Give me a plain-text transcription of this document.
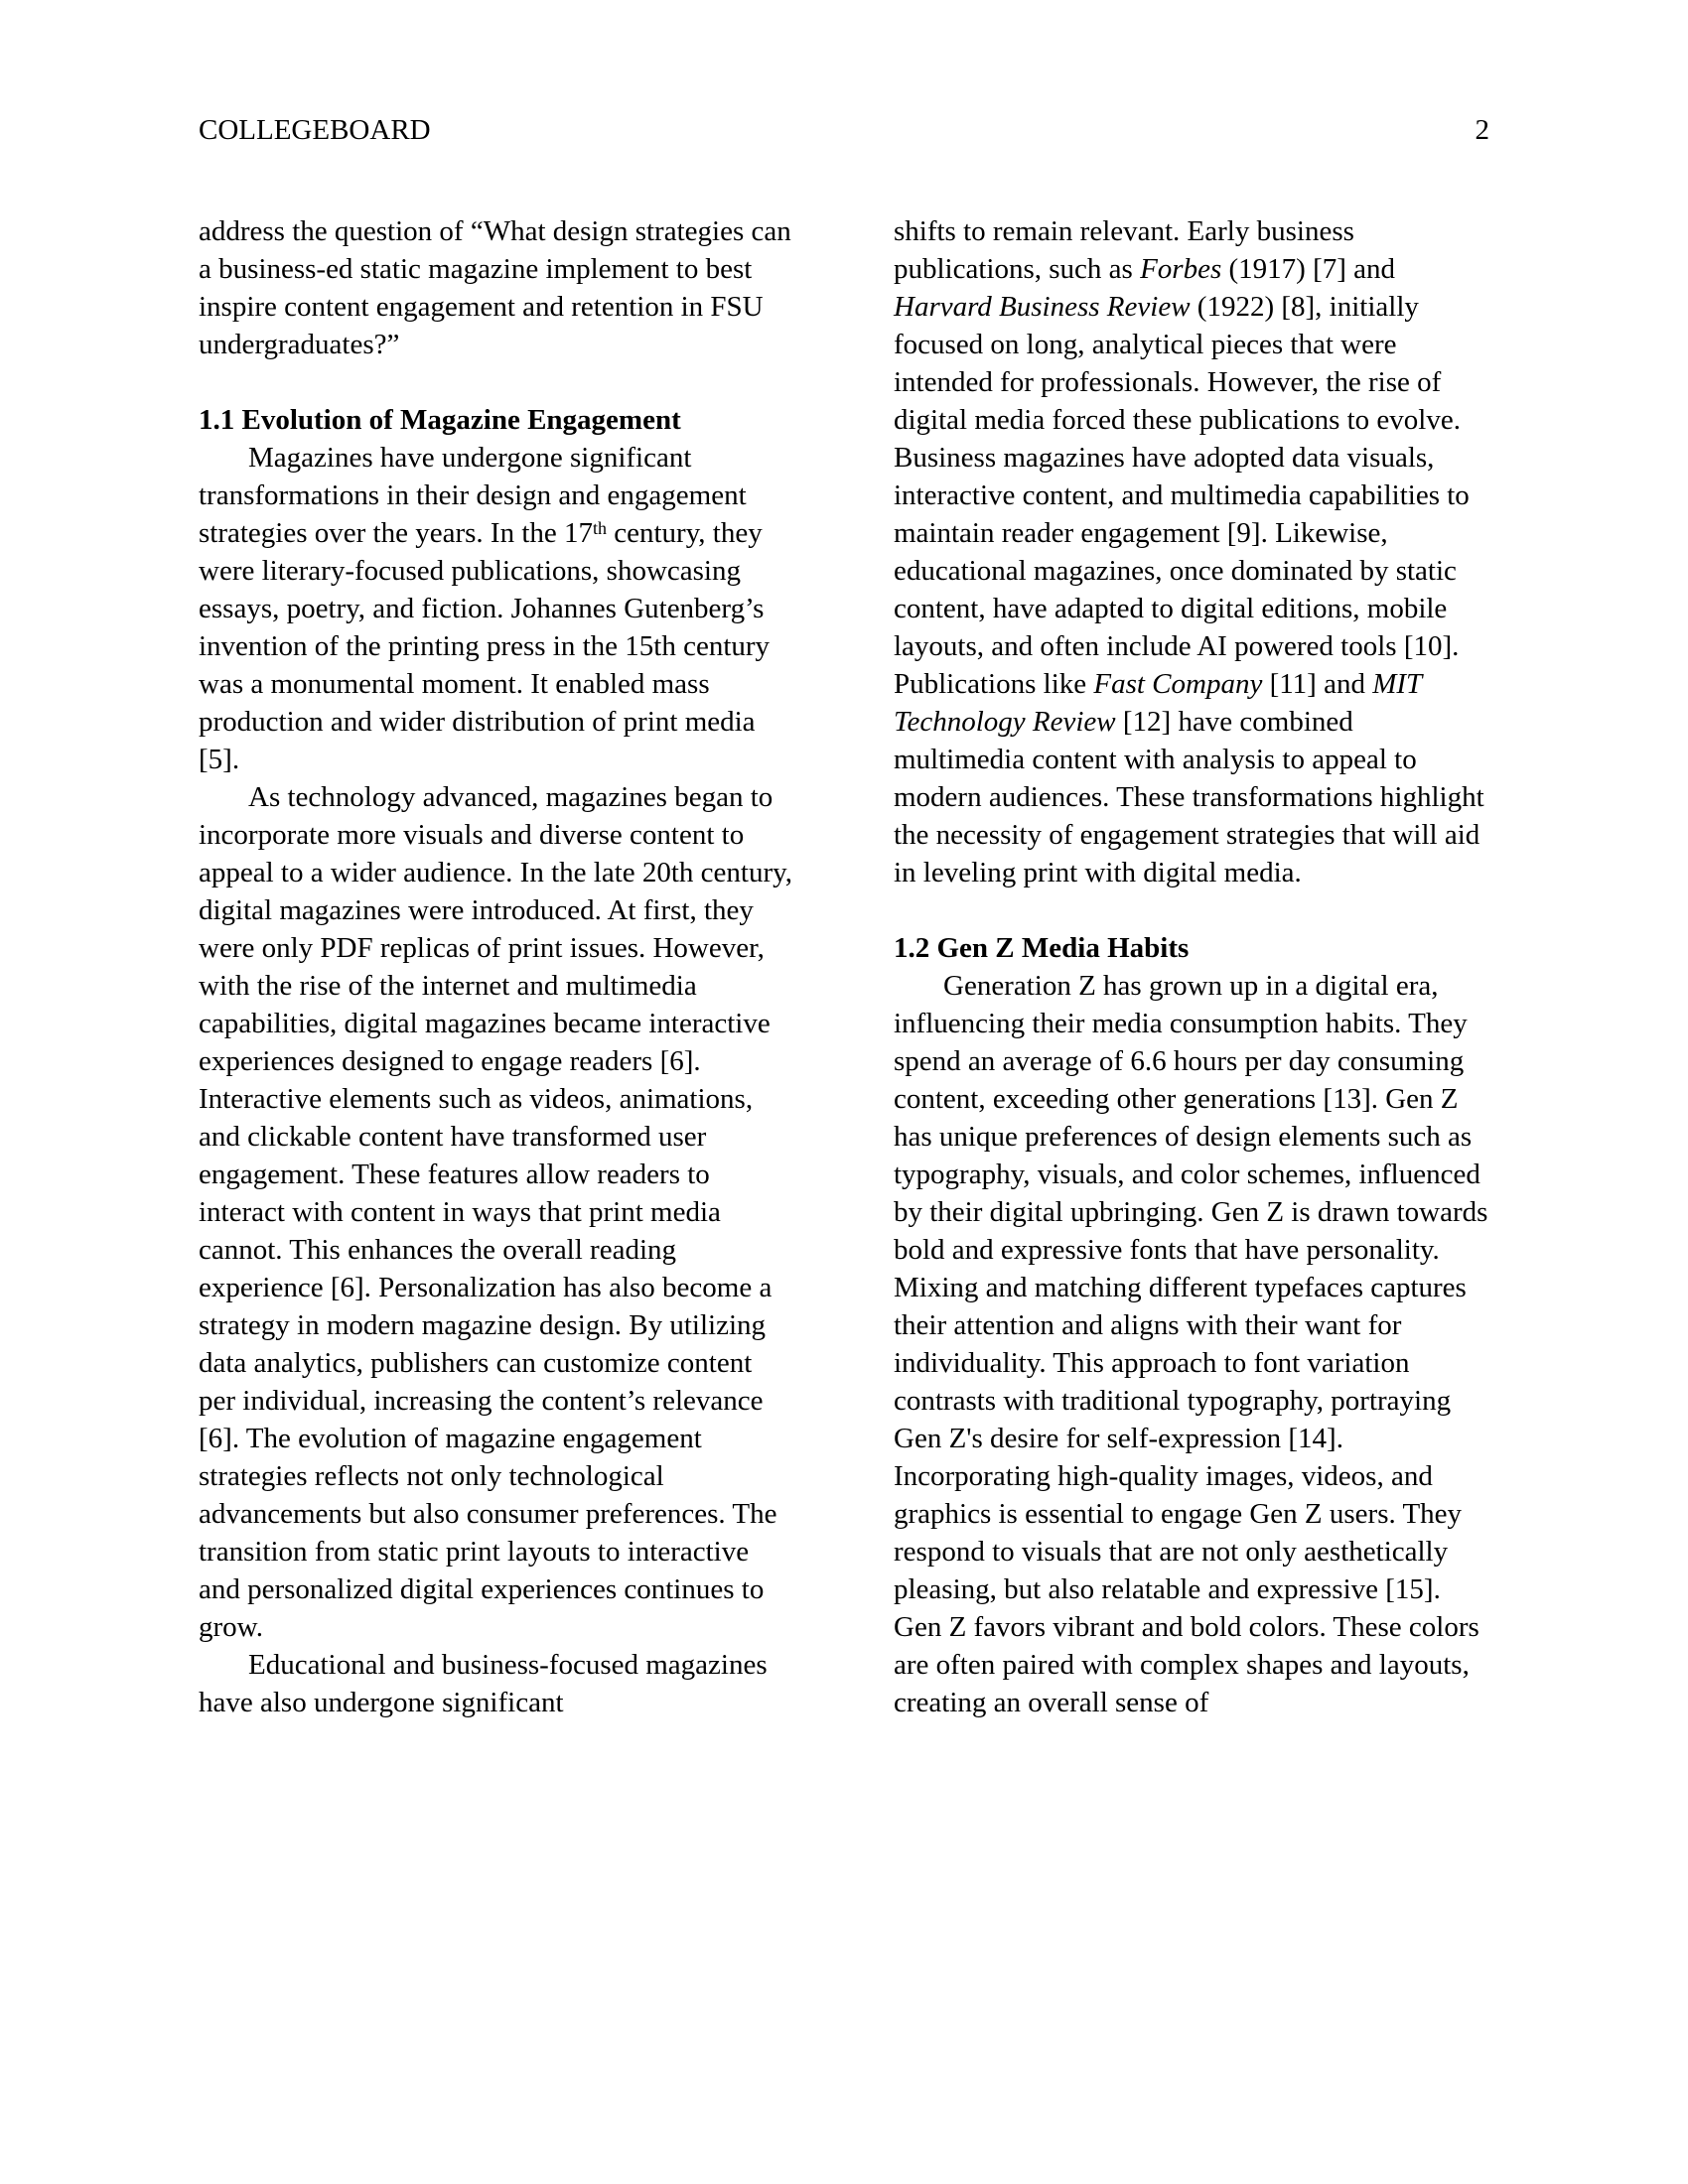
COLLEGEBOARD	2

address the question of “What design strategies can a business-ed static magazine implement to best inspire content engagement and retention in FSU undergraduates?”

1.1 Evolution of Magazine Engagement

Magazines have undergone significant transformations in their design and engagement strategies over the years. In the 17th century, they were literary-focused publications, showcasing essays, poetry, and fiction. Johannes Gutenberg’s invention of the printing press in the 15th century was a monumental moment. It enabled mass production and wider distribution of print media [5].

As technology advanced, magazines began to incorporate more visuals and diverse content to appeal to a wider audience. In the late 20th century, digital magazines were introduced. At first, they were only PDF replicas of print issues. However, with the rise of the internet and multimedia capabilities, digital magazines became interactive experiences designed to engage readers [6]. Interactive elements such as videos, animations, and clickable content have transformed user engagement. These features allow readers to interact with content in ways that print media cannot. This enhances the overall reading experience [6]. Personalization has also become a strategy in modern magazine design. By utilizing data analytics, publishers can customize content per individual, increasing the content’s relevance [6]. The evolution of magazine engagement strategies reflects not only technological advancements but also consumer preferences. The transition from static print layouts to interactive and personalized digital experiences continues to grow.

Educational and business-focused magazines have also undergone significant

shifts to remain relevant. Early business publications, such as Forbes (1917) [7] and Harvard Business Review (1922) [8], initially focused on long, analytical pieces that were intended for professionals. However, the rise of digital media forced these publications to evolve. Business magazines have adopted data visuals, interactive content, and multimedia capabilities to maintain reader engagement [9]. Likewise, educational magazines, once dominated by static content, have adapted to digital editions, mobile layouts, and often include AI powered tools [10]. Publications like Fast Company [11] and MIT Technology Review [12] have combined multimedia content with analysis to appeal to modern audiences. These transformations highlight the necessity of engagement strategies that will aid in leveling print with digital media.

1.2 Gen Z Media Habits

Generation Z has grown up in a digital era, influencing their media consumption habits. They spend an average of 6.6 hours per day consuming content, exceeding other generations [13]. Gen Z has unique preferences of design elements such as typography, visuals, and color schemes, influenced by their digital upbringing. Gen Z is drawn towards bold and expressive fonts that have personality. Mixing and matching different typefaces captures their attention and aligns with their want for individuality. This approach to font variation contrasts with traditional typography, portraying Gen Z's desire for self-expression [14]. Incorporating high-quality images, videos, and graphics is essential to engage Gen Z users. They respond to visuals that are not only aesthetically pleasing, but also relatable and expressive [15]. Gen Z favors vibrant and bold colors. These colors are often paired with complex shapes and layouts, creating an overall sense of
